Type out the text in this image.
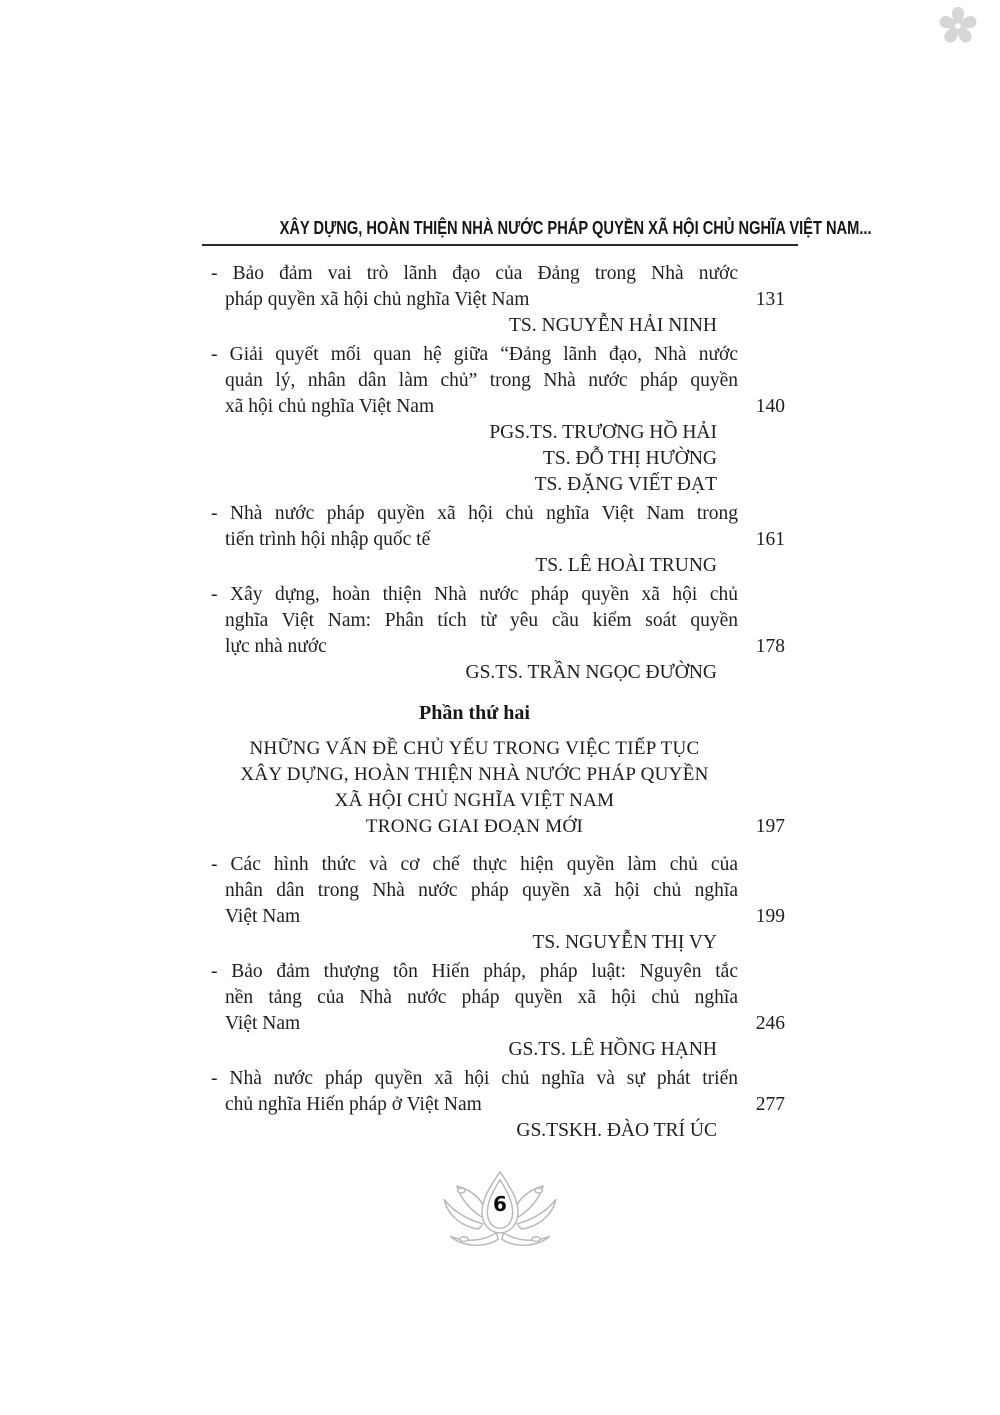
XÂY DỰNG, HOÀN THIỆN NHÀ NƯỚC PHÁP QUYỀN XÃ HỘI CHỦ NGHĨA VIỆT NAM...
- Bảo đảm vai trò lãnh đạo của Đảng trong Nhà nước
pháp quyền xã hội chủ nghĩa Việt Nam	131
TS. NGUYỄN HẢI NINH
- Giải quyết mối quan hệ giữa “Đảng lãnh đạo, Nhà nước
quản lý, nhân dân làm chủ” trong Nhà nước pháp quyền
xã hội chủ nghĩa Việt Nam	140
PGS.TS. TRƯƠNG HỒ HẢI
TS. ĐỖ THỊ HƯỜNG
TS. ĐẶNG VIẾT ĐẠT
- Nhà nước pháp quyền xã hội chủ nghĩa Việt Nam trong
tiến trình hội nhập quốc tế	161
TS. LÊ HOÀI TRUNG
- Xây dựng, hoàn thiện Nhà nước pháp quyền xã hội chủ
nghĩa Việt Nam: Phân tích từ yêu cầu kiểm soát quyền
lực nhà nước	178
GS.TS. TRẦN NGỌC ĐƯỜNG
Phần thứ hai
NHỮNG VẤN ĐỀ CHỦ YẾU TRONG VIỆC TIẾP TỤC
XÂY DỰNG, HOÀN THIỆN NHÀ NƯỚC PHÁP QUYỀN
XÃ HỘI CHỦ NGHĨA VIỆT NAM
TRONG GIAI ĐOẠN MỚI	197
- Các hình thức và cơ chế thực hiện quyền làm chủ của
nhân dân trong Nhà nước pháp quyền xã hội chủ nghĩa
Việt Nam	199
TS. NGUYỄN THỊ VY
- Bảo đảm thượng tôn Hiến pháp, pháp luật: Nguyên tắc
nền tảng của Nhà nước pháp quyền xã hội chủ nghĩa
Việt Nam	246
GS.TS. LÊ HỒNG HẠNH
- Nhà nước pháp quyền xã hội chủ nghĩa và sự phát triển
chủ nghĩa Hiến pháp ở Việt Nam	277
GS.TSKH. ĐÀO TRÍ ÚC
6
